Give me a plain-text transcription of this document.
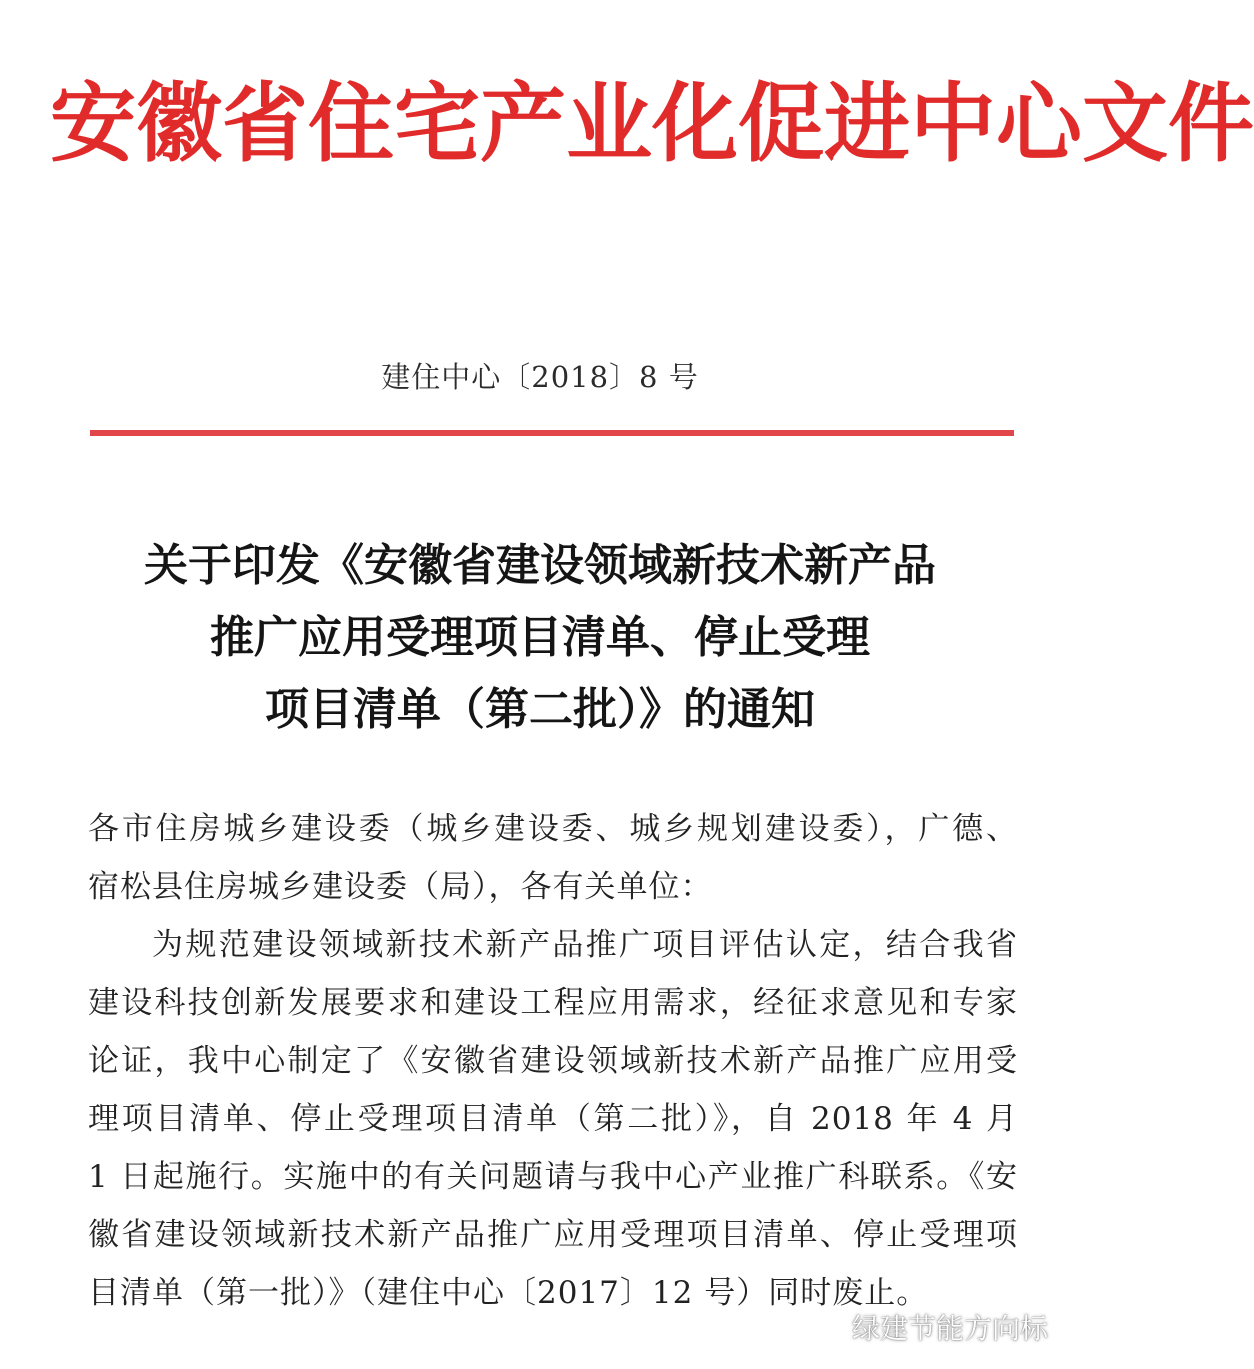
安徽省住宅产业化促进中心文件
建住中心〔2018〕8 号
关于印发《安徽省建设领域新技术新产品
推广应用受理项目清单、停止受理
项目清单（第二批）》的通知
各市住房城乡建设委（城乡建设委、城乡规划建设委），广德、
宿松县住房城乡建设委（局），各有关单位：
为规范建设领域新技术新产品推广项目评估认定，结合我省
建设科技创新发展要求和建设工程应用需求，经征求意见和专家
论证，我中心制定了《安徽省建设领域新技术新产品推广应用受
理项目清单、停止受理项目清单（第二批）》，自 2018 年 4 月
1 日起施行。实施中的有关问题请与我中心产业推广科联系。《安
徽省建设领域新技术新产品推广应用受理项目清单、停止受理项
目清单（第一批）》（建住中心〔2017〕12 号）同时废止。
绿建节能方向标
